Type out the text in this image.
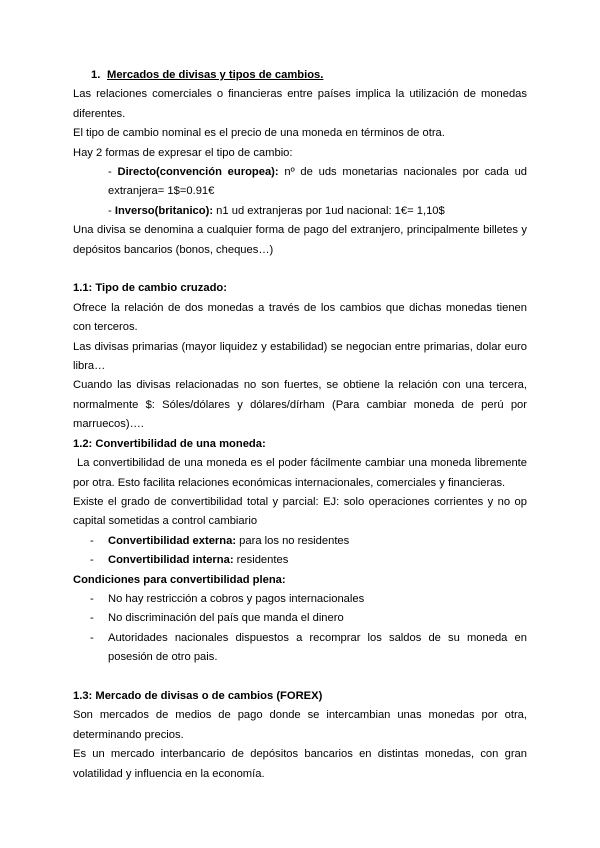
1. Mercados de divisas y tipos de cambios.

Las relaciones comerciales o financieras entre países implica la utilización de monedas diferentes.

El tipo de cambio nominal es el precio de una moneda en términos de otra.

Hay 2 formas de expresar el tipo de cambio:

- Directo(convención europea): nº de uds monetarias nacionales por cada ud extranjera= 1$=0.91€

- Inverso(britanico): n1 ud extranjeras por 1ud nacional: 1€= 1,10$

Una divisa se denomina a cualquier forma de pago del extranjero, principalmente billetes y depósitos bancarios (bonos, cheques…)

1.1: Tipo de cambio cruzado:

Ofrece la relación de dos monedas a través de los cambios que dichas monedas tienen con terceros.

Las divisas primarias (mayor liquidez y estabilidad) se negocian entre primarias, dolar euro libra…

Cuando las divisas relacionadas no son fuertes, se obtiene la relación con una tercera, normalmente $: Sóles/dólares y dólares/dírham (Para cambiar moneda de perú por marruecos)….

1.2: Convertibilidad de una moneda:

La convertibilidad de una moneda es el poder fácilmente cambiar una moneda libremente por otra. Esto facilita relaciones económicas internacionales, comerciales y financieras.

Existe el grado de convertibilidad total y parcial: EJ: solo operaciones corrientes y no op capital sometidas a control cambiario

- Convertibilidad externa: para los no residentes

- Convertibilidad interna: residentes

Condiciones para convertibilidad plena:

- No hay restricción a cobros y pagos internacionales

- No discriminación del país que manda el dinero

- Autoridades nacionales dispuestos a recomprar los saldos de su moneda en posesión de otro pais.

1.3: Mercado de divisas o de cambios (FOREX)

Son mercados de medios de pago donde se intercambian unas monedas por otra, determinando precios.

Es un mercado interbancario de depósitos bancarios en distintas monedas, con gran volatilidad y influencia en la economía.
